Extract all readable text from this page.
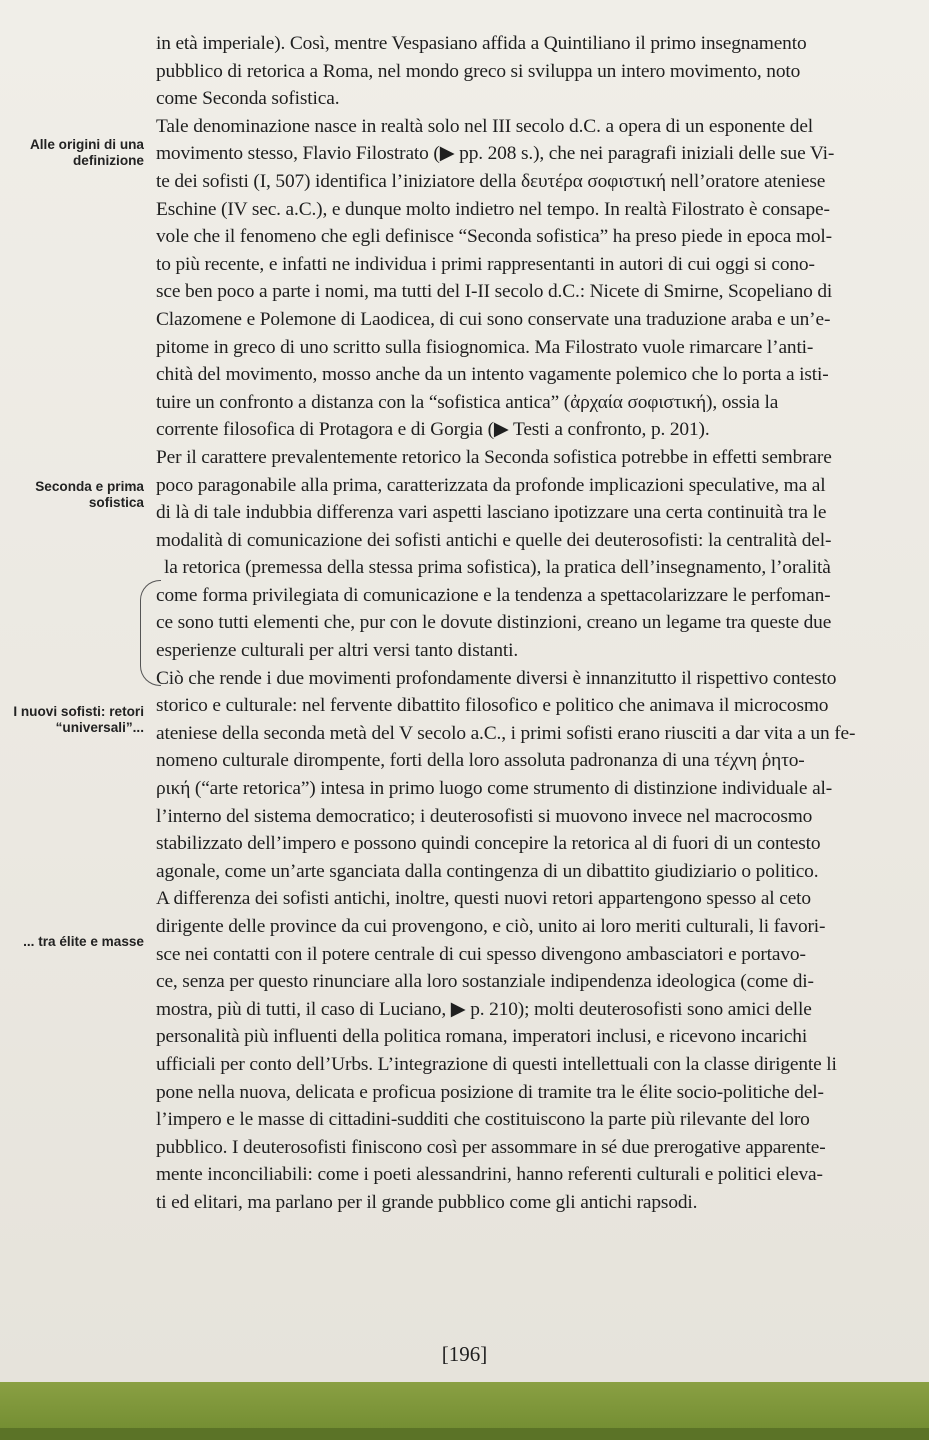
Alle origini di una definizione
Seconda e prima sofistica
I nuovi sofisti: retori “universali”...
... tra élite e masse
in età imperiale). Così, mentre Vespasiano affida a Quintiliano il primo insegnamento
pubblico di retorica a Roma, nel mondo greco si sviluppa un intero movimento, noto
come Seconda sofistica.
Tale denominazione nasce in realtà solo nel III secolo d.C. a opera di un esponente del
movimento stesso, Flavio Filostrato (▶ pp. 208 s.), che nei paragrafi iniziali delle sue Vi-
te dei sofisti (I, 507) identifica l’iniziatore della δευτέρα σοφιστική nell’oratore ateniese
Eschine (IV sec. a.C.), e dunque molto indietro nel tempo. In realtà Filostrato è consape-
vole che il fenomeno che egli definisce “Seconda sofistica” ha preso piede in epoca mol-
to più recente, e infatti ne individua i primi rappresentanti in autori di cui oggi si cono-
sce ben poco a parte i nomi, ma tutti del I-II secolo d.C.: Nicete di Smirne, Scopeliano di
Clazomene e Polemone di Laodicea, di cui sono conservate una traduzione araba e un’e-
pitome in greco di uno scritto sulla fisiognomica. Ma Filostrato vuole rimarcare l’anti-
chità del movimento, mosso anche da un intento vagamente polemico che lo porta a isti-
tuire un confronto a distanza con la “sofistica antica” (ἀρχαία σοφιστική), ossia la
corrente filosofica di Protagora e di Gorgia (▶ Testi a confronto, p. 201).
Per il carattere prevalentemente retorico la Seconda sofistica potrebbe in effetti sembrare
poco paragonabile alla prima, caratterizzata da profonde implicazioni speculative, ma al
di là di tale indubbia differenza vari aspetti lasciano ipotizzare una certa continuità tra le
modalità di comunicazione dei sofisti antichi e quelle dei deuterosofisti: la centralità del-
la retorica (premessa della stessa prima sofistica), la pratica dell’insegnamento, l’oralità
come forma privilegiata di comunicazione e la tendenza a spettacolarizzare le perfoman-
ce sono tutti elementi che, pur con le dovute distinzioni, creano un legame tra queste due
esperienze culturali per altri versi tanto distanti.
Ciò che rende i due movimenti profondamente diversi è innanzitutto il rispettivo contesto
storico e culturale: nel fervente dibattito filosofico e politico che animava il microcosmo
ateniese della seconda metà del V secolo a.C., i primi sofisti erano riusciti a dar vita a un fe-
nomeno culturale dirompente, forti della loro assoluta padronanza di una τέχνη ῥητο-
ρική (“arte retorica”) intesa in primo luogo come strumento di distinzione individuale al-
l’interno del sistema democratico; i deuterosofisti si muovono invece nel macrocosmo
stabilizzato dell’impero e possono quindi concepire la retorica al di fuori di un contesto
agonale, come un’arte sganciata dalla contingenza di un dibattito giudiziario o politico.
A differenza dei sofisti antichi, inoltre, questi nuovi retori appartengono spesso al ceto
dirigente delle province da cui provengono, e ciò, unito ai loro meriti culturali, li favori-
sce nei contatti con il potere centrale di cui spesso divengono ambasciatori e portavo-
ce, senza per questo rinunciare alla loro sostanziale indipendenza ideologica (come di-
mostra, più di tutti, il caso di Luciano, ▶ p. 210); molti deuterosofisti sono amici delle
personalità più influenti della politica romana, imperatori inclusi, e ricevono incarichi
ufficiali per conto dell’Urbs. L’integrazione di questi intellettuali con la classe dirigente li
pone nella nuova, delicata e proficua posizione di tramite tra le élite socio-politiche del-
l’impero e le masse di cittadini-sudditi che costituiscono la parte più rilevante del loro
pubblico. I deuterosofisti finiscono così per assommare in sé due prerogative apparente-
mente inconciliabili: come i poeti alessandrini, hanno referenti culturali e politici eleva-
ti ed elitari, ma parlano per il grande pubblico come gli antichi rapsodi.
[196]
